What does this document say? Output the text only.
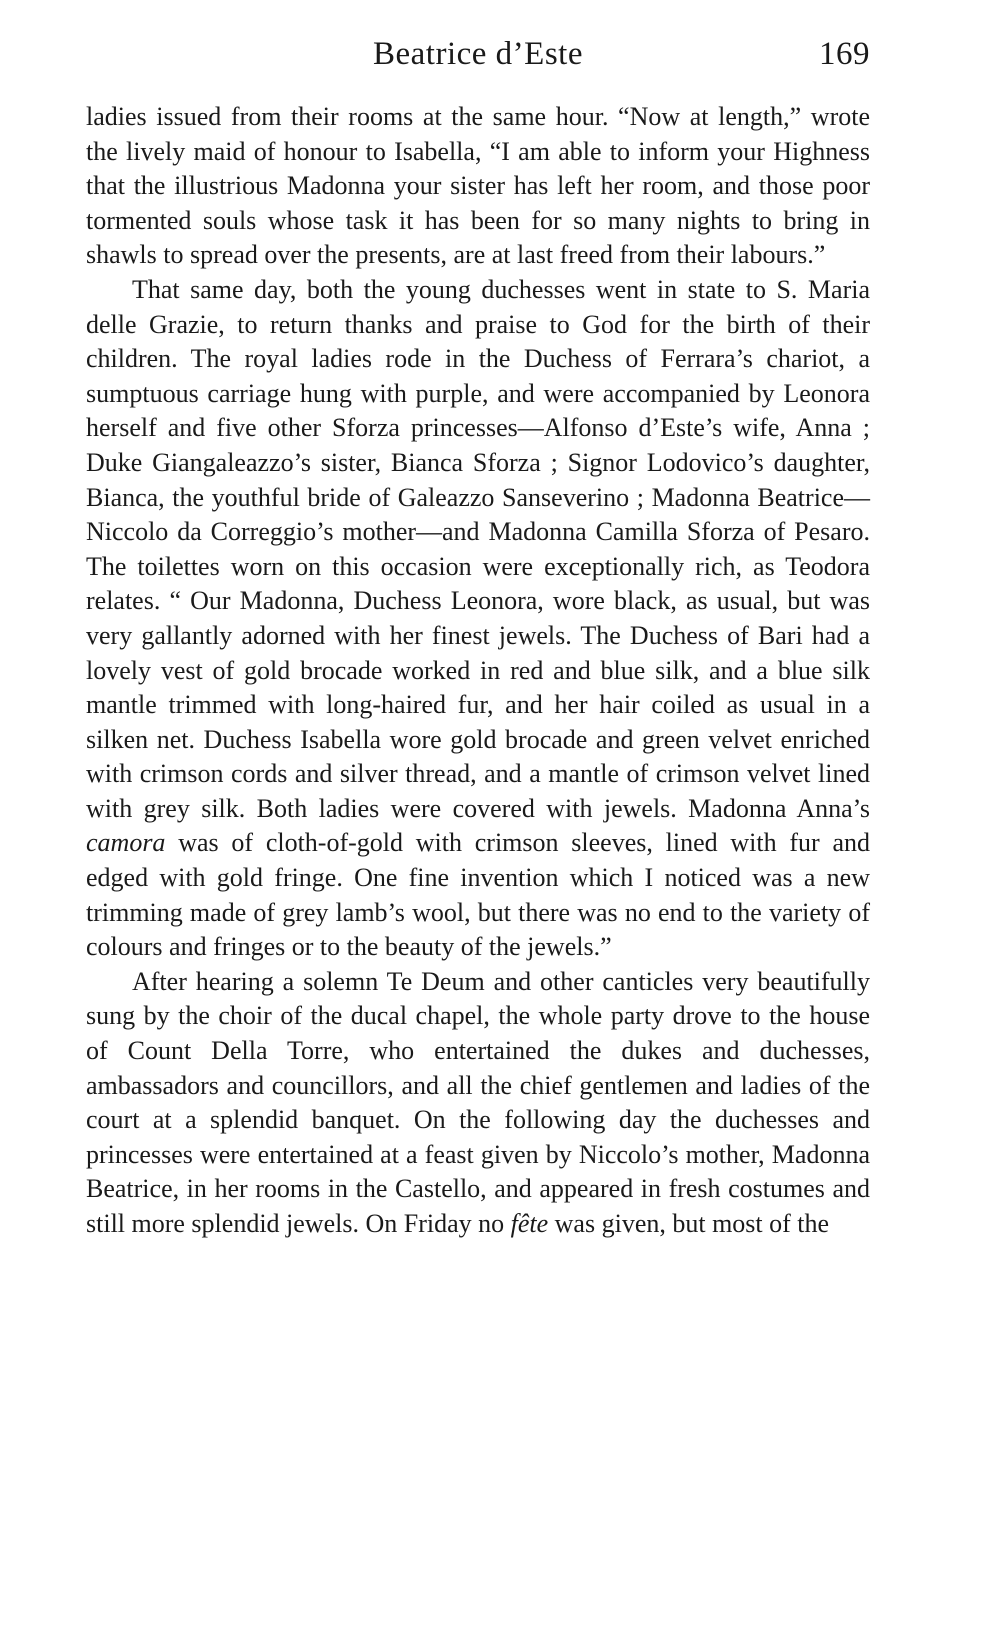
Beatrice d’Este	169

ladies issued from their rooms at the same hour. “Now at length,” wrote the lively maid of honour to Isabella, “I am able to inform your Highness that the illustrious Madonna your sister has left her room, and those poor tormented souls whose task it has been for so many nights to bring in shawls to spread over the presents, are at last freed from their labours.”

That same day, both the young duchesses went in state to S. Maria delle Grazie, to return thanks and praise to God for the birth of their children. The royal ladies rode in the Duchess of Ferrara’s chariot, a sumptuous carriage hung with purple, and were accompanied by Leonora herself and five other Sforza princesses—Alfonso d’Este’s wife, Anna ; Duke Giangaleazzo’s sister, Bianca Sforza ; Signor Lodovico’s daughter, Bianca, the youthful bride of Galeazzo Sanseverino ; Madonna Beatrice—Niccolo da Correggio’s mother—and Madonna Camilla Sforza of Pesaro. The toilettes worn on this occasion were exceptionally rich, as Teodora relates. “ Our Madonna, Duchess Leonora, wore black, as usual, but was very gallantly adorned with her finest jewels. The Duchess of Bari had a lovely vest of gold brocade worked in red and blue silk, and a blue silk mantle trimmed with long-haired fur, and her hair coiled as usual in a silken net. Duchess Isabella wore gold brocade and green velvet enriched with crimson cords and silver thread, and a mantle of crimson velvet lined with grey silk. Both ladies were covered with jewels. Madonna Anna’s camora was of cloth-of-gold with crimson sleeves, lined with fur and edged with gold fringe. One fine invention which I noticed was a new trimming made of grey lamb’s wool, but there was no end to the variety of colours and fringes or to the beauty of the jewels.”

After hearing a solemn Te Deum and other canticles very beautifully sung by the choir of the ducal chapel, the whole party drove to the house of Count Della Torre, who entertained the dukes and duchesses, ambassadors and councillors, and all the chief gentlemen and ladies of the court at a splendid banquet. On the following day the duchesses and princesses were entertained at a feast given by Niccolo’s mother, Madonna Beatrice, in her rooms in the Castello, and appeared in fresh costumes and still more splendid jewels. On Friday no fête was given, but most of the
